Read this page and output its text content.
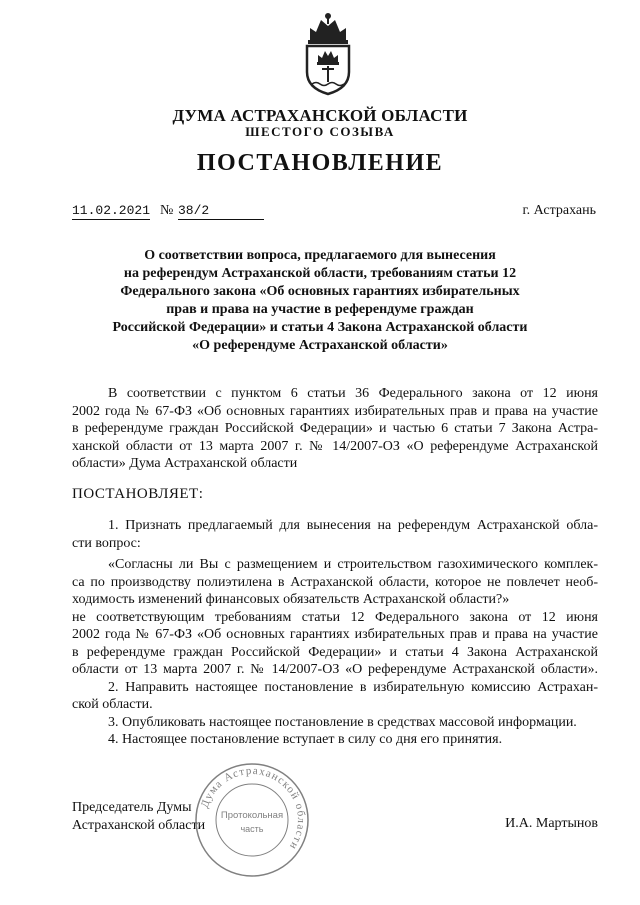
ДУМА АСТРАХАНСКОЙ ОБЛАСТИ
ШЕСТОГО СОЗЫВА
ПОСТАНОВЛЕНИЕ
11.02.2021 № 38/2	г. Астрахань
О соответствии вопроса, предлагаемого для вынесения
на референдум Астраханской области, требованиям статьи 12
Федерального закона «Об основных гарантиях избирательных
прав и права на участие в референдуме граждан
Российской Федерации» и статьи 4 Закона Астраханской области
«О референдуме Астраханской области»
В соответствии с пунктом 6 статьи 36 Федерального закона от 12 июня
2002 года № 67-ФЗ «Об основных гарантиях избирательных прав и права на участие
в референдуме граждан Российской Федерации» и частью 6 статьи 7 Закона Астра-
ханской области от 13 марта 2007 г. № 14/2007-ОЗ «О референдуме Астраханской
области» Дума Астраханской области
ПОСТАНОВЛЯЕТ:
1. Признать предлагаемый для вынесения на референдум Астраханской обла-
сти вопрос:
«Согласны ли Вы с размещением и строительством газохимического комплек-
са по производству полиэтилена в Астраханской области, которое не повлечет необ-
ходимость изменений финансовых обязательств Астраханской области?»
не соответствующим требованиям статьи 12 Федерального закона от 12 июня
2002 года № 67-ФЗ «Об основных гарантиях избирательных прав и права на участие
в референдуме граждан Российской Федерации» и статьи 4 Закона Астраханской
области от 13 марта 2007 г. № 14/2007-ОЗ «О референдуме Астраханской области».
2. Направить настоящее постановление в избирательную комиссию Астрахан-
ской области.
3. Опубликовать настоящее постановление в средствах массовой информации.
4. Настоящее постановление вступает в силу со дня его принятия.
Председатель Думы
Астраханской области	И.А. Мартынов
Дума Астраханской области
Протокольная
часть
